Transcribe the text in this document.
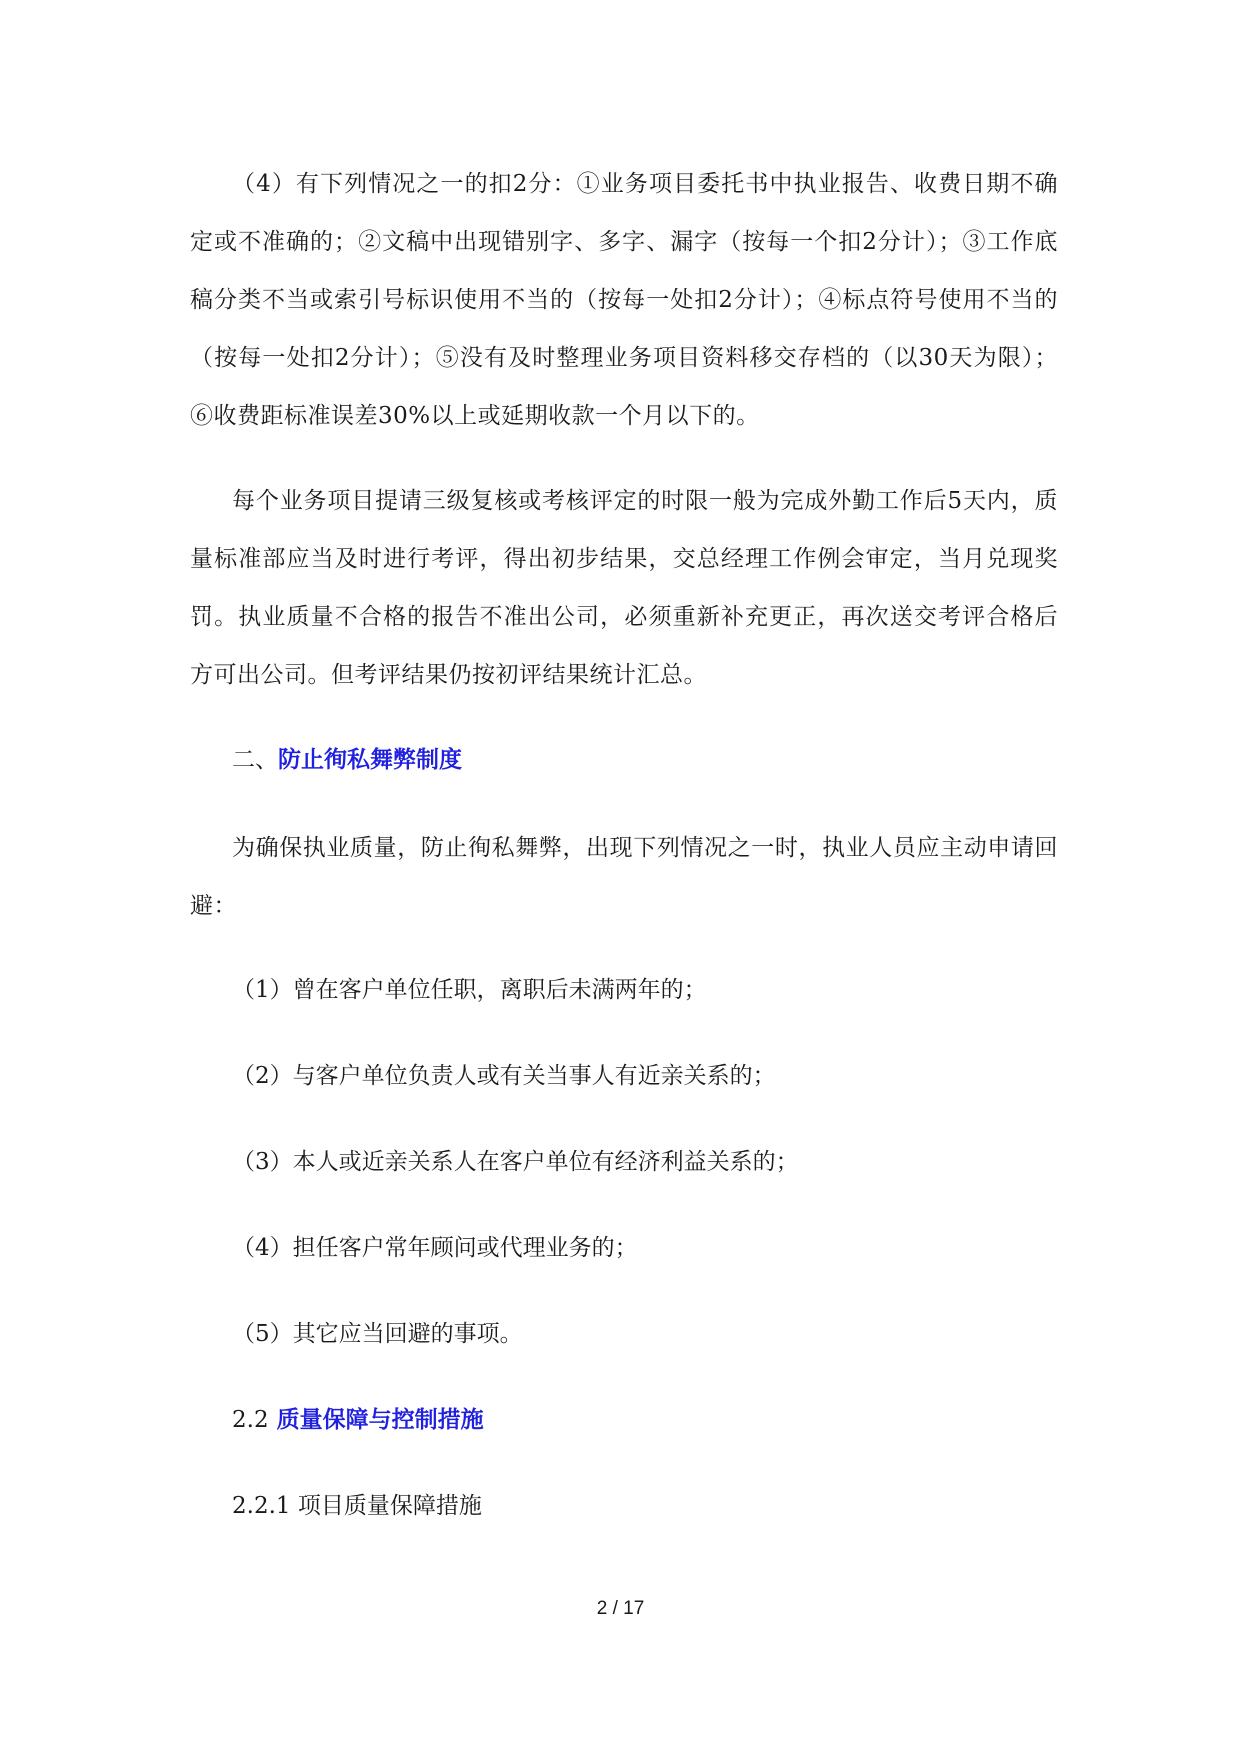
（4）有下列情况之一的扣2分：①业务项目委托书中执业报告、收费日期不确定或不准确的；②文稿中出现错别字、多字、漏字（按每一个扣2分计）；③工作底稿分类不当或索引号标识使用不当的（按每一处扣2分计）；④标点符号使用不当的（按每一处扣2分计）；⑤没有及时整理业务项目资料移交存档的（以30天为限）；⑥收费距标准误差30%以上或延期收款一个月以下的。

每个业务项目提请三级复核或考核评定的时限一般为完成外勤工作后5天内，质量标准部应当及时进行考评，得出初步结果，交总经理工作例会审定，当月兑现奖罚。执业质量不合格的报告不准出公司，必须重新补充更正，再次送交考评合格后方可出公司。但考评结果仍按初评结果统计汇总。

二、防止徇私舞弊制度

为确保执业质量，防止徇私舞弊，出现下列情况之一时，执业人员应主动申请回避：

（1）曾在客户单位任职，离职后未满两年的；

（2）与客户单位负责人或有关当事人有近亲关系的；

（3）本人或近亲关系人在客户单位有经济利益关系的；

（4）担任客户常年顾问或代理业务的；

（5）其它应当回避的事项。

2.2 质量保障与控制措施

2.2.1 项目质量保障措施

2 / 17
